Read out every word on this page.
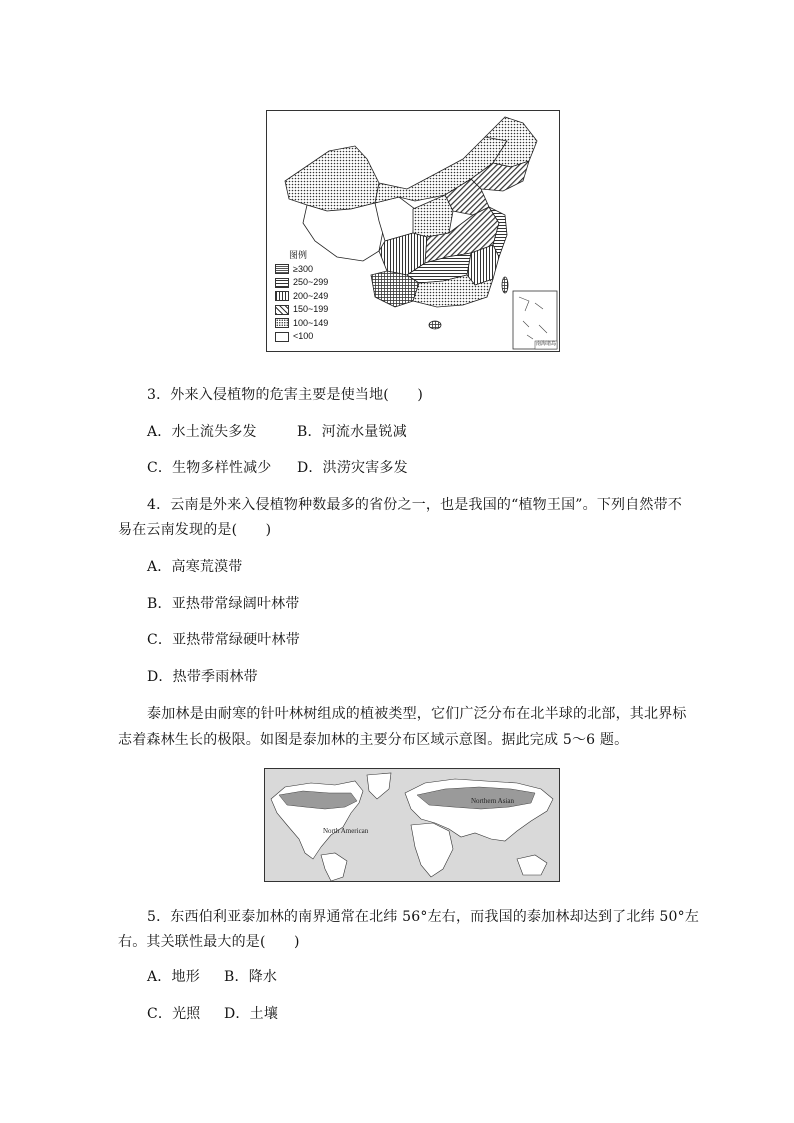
南海诸岛
图例
≥300
250~299
200~249
150~199
100~149
<100
3．外来入侵植物的危害主要是使当地(　　)
A．水土流失多发	B．河流水量锐减
C．生物多样性减少 D．洪涝灾害多发
4．云南是外来入侵植物种数最多的省份之一，也是我国的“植物王国”。下列自然带不
易在云南发现的是(　　)
A．高寒荒漠带
B．亚热带常绿阔叶林带
C．亚热带常绿硬叶林带
D．热带季雨林带
泰加林是由耐寒的针叶林树组成的植被类型，它们广泛分布在北半球的北部，其北界标
志着森林生长的极限。如图是泰加林的主要分布区域示意图。据此完成 5～6 题。
North American
Northern Asian
5．东西伯利亚泰加林的南界通常在北纬 56°左右，而我国的泰加林却达到了北纬 50°左
右。其关联性最大的是(　　)
A．地形 B．降水
C．光照 D．土壤
